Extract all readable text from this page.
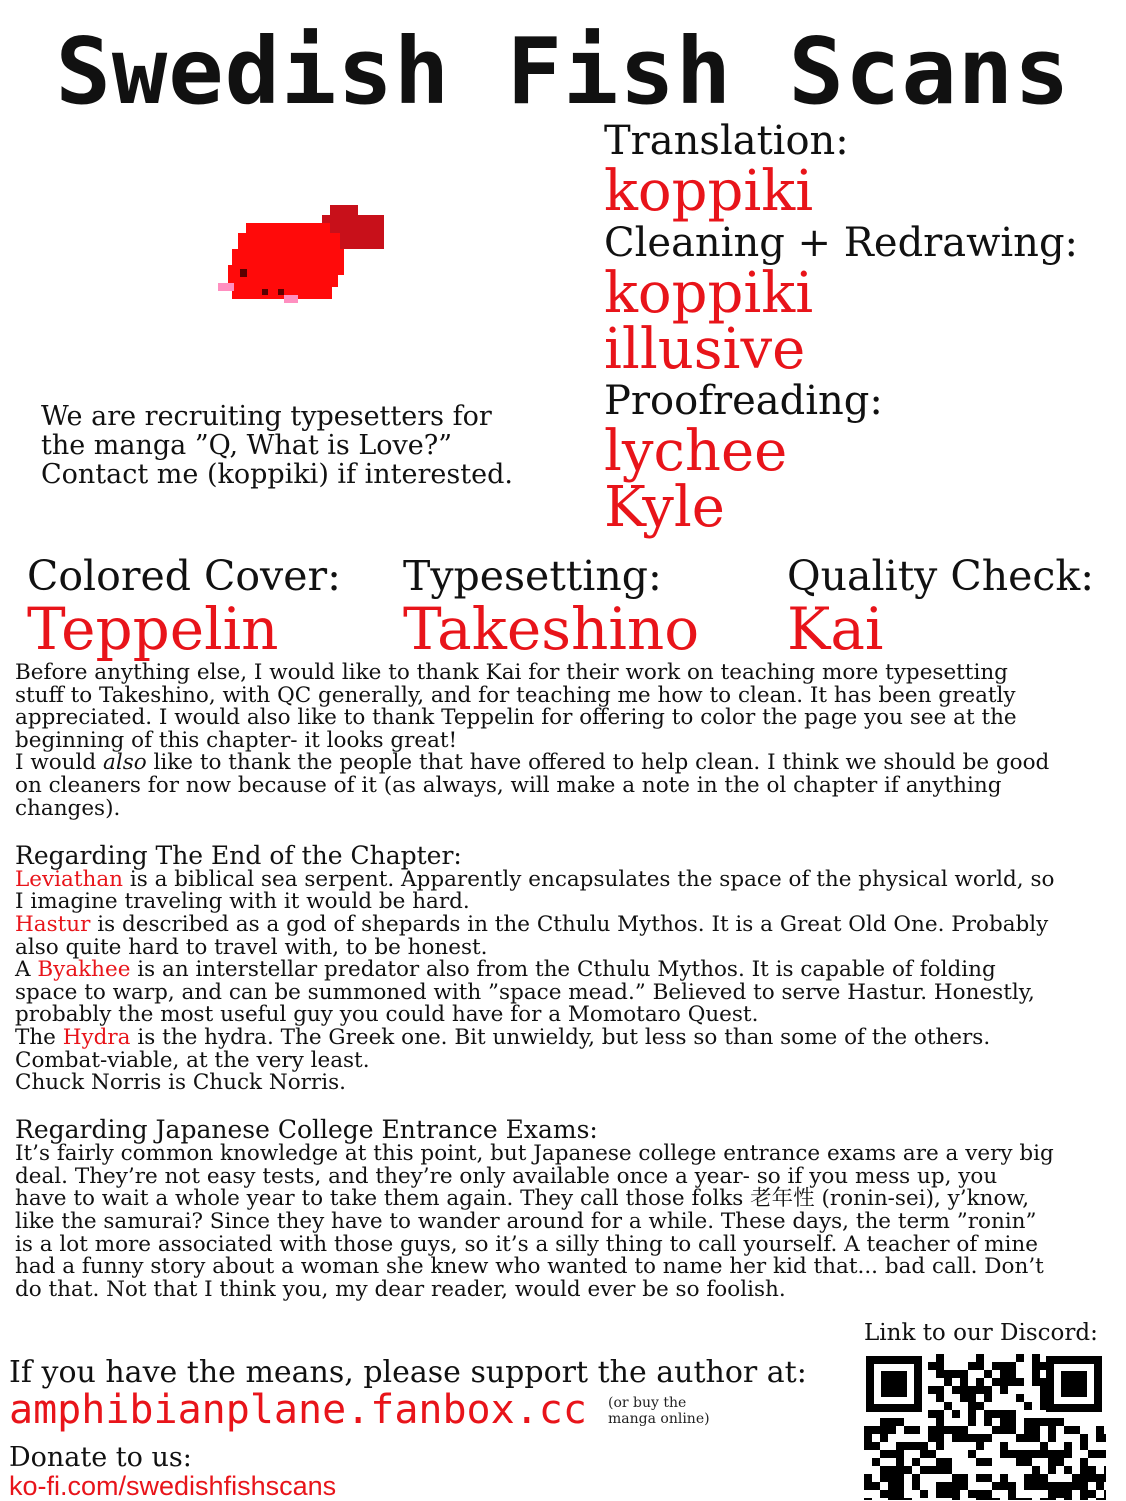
Swedish Fish Scans
Translation:
koppiki
Cleaning + Redrawing:
koppiki
illusive
Proofreading:
lychee
Kyle
We are recruiting typesetters for
the manga ”Q, What is Love?”
Contact me (koppiki) if interested.
Colored Cover:
Teppelin
Typesetting:
Takeshino
Quality Check:
Kai

Before anything else, I would like to thank Kai for their work on teaching more typesetting

stuff to Takeshino, with QC generally, and for teaching me how to clean. It has been greatly

appreciated. I would also like to thank Teppelin for offering to color the page you see at the

beginning of this chapter- it looks great!

I would also like to thank the people that have offered to help clean. I think we should be good

on cleaners for now because of it (as always, will make a note in the ol chapter if anything

changes).

Regarding The End of the Chapter:

Leviathan is a biblical sea serpent. Apparently encapsulates the space of the physical world, so

I imagine traveling with it would be hard.

Hastur is described as a god of shepards in the Cthulu Mythos. It is a Great Old One. Probably

also quite hard to travel with, to be honest.

A Byakhee is an interstellar predator also from the Cthulu Mythos. It is capable of folding

space to warp, and can be summoned with ”space mead.” Believed to serve Hastur. Honestly,

probably the most useful guy you could have for a Momotaro Quest.

The Hydra is the hydra. The Greek one. Bit unwieldy, but less so than some of the others.

Combat-viable, at the very least.

Chuck Norris is Chuck Norris.

Regarding Japanese College Entrance Exams:

It’s fairly common knowledge at this point, but Japanese college entrance exams are a very big

deal. They’re not easy tests, and they’re only available once a year- so if you mess up, you

have to wait a whole year to take them again. They call those folks 老年性 (ronin-sei), y’know,

like the samurai? Since they have to wander around for a while. These days, the term ”ronin”

is a lot more associated with those guys, so it’s a silly thing to call yourself. A teacher of mine

had a funny story about a woman she knew who wanted to name her kid that... bad call. Don’t

do that. Not that I think you, my dear reader, would ever be so foolish.

If you have the means, please support the author at:
amphibianplane.fanbox.cc (or buy the
manga online)
Donate to us:
ko-fi.com/swedishfishscans
Link to our Discord:
